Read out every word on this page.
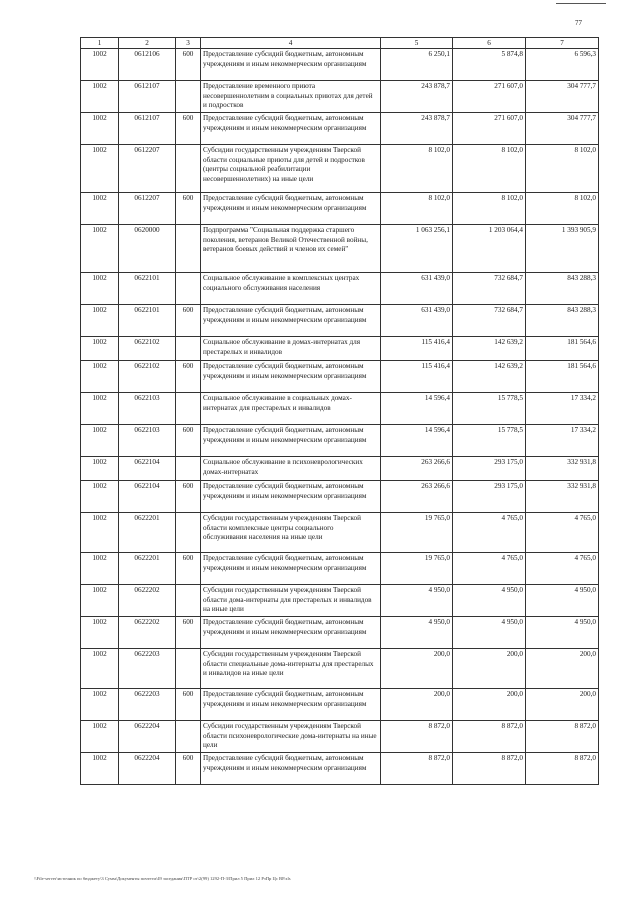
77
1	2	3	4	5	6	7
1002	0612106	600	Предоставление субсидий бюджетным, автономным учреждениям и иным некоммерческим организациям	6 250,1	5 874,8	6 596,3
1002	0612107		Предоставление временного приюта несовершеннолетним в социальных приютах для детей и подростков	243 878,7	271 607,0	304 777,7
1002	0612107	600	Предоставление субсидий бюджетным, автономным учреждениям и иным некоммерческим организациям	243 878,7	271 607,0	304 777,7
1002	0612207		Субсидии государственным учреждениям Тверской области социальные приюты для детей и подростков (центры социальной реабилитации несовершеннолетних) на иные цели	8 102,0	8 102,0	8 102,0
1002	0612207	600	Предоставление субсидий бюджетным, автономным учреждениям и иным некоммерческим организациям	8 102,0	8 102,0	8 102,0
1002	0620000		Подпрограмма "Социальная поддержка старшего поколения, ветеранов Великой Отечественной войны, ветеранов боевых действий и членов их семей"	1 063 256,1	1 203 064,4	1 393 905,9
1002	0622101		Социальное обслуживание в комплексных центрах социального обслуживания населения	631 439,0	732 684,7	843 288,3
1002	0622101	600	Предоставление субсидий бюджетным, автономным учреждениям и иным некоммерческим организациям	631 439,0	732 684,7	843 288,3
1002	0622102		Социальное обслуживание в домах-интернатах для престарелых и инвалидов	115 416,4	142 639,2	181 564,6
1002	0622102	600	Предоставление субсидий бюджетным, автономным учреждениям и иным некоммерческим организациям	115 416,4	142 639,2	181 564,6
1002	0622103		Социальное обслуживание в социальных домах-интернатах для престарелых и инвалидов	14 596,4	15 778,5	17 334,2
1002	0622103	600	Предоставление субсидий бюджетным, автономным учреждениям и иным некоммерческим организациям	14 596,4	15 778,5	17 334,2
1002	0622104		Социальное обслуживание в психоневрологических домах-интернатах	263 266,6	293 175,0	332 931,8
1002	0622104	600	Предоставление субсидий бюджетным, автономным учреждениям и иным некоммерческим организациям	263 266,6	293 175,0	332 931,8
1002	0622201		Субсидии государственным учреждениям Тверской области комплексные центры социального обслуживания населения на иные цели	19 765,0	4 765,0	4 765,0
1002	0622201	600	Предоставление субсидий бюджетным, автономным учреждениям и иным некоммерческим организациям	19 765,0	4 765,0	4 765,0
1002	0622202		Субсидии государственным учреждениям Тверской области дома-интернаты для престарелых и инвалидов на иные цели	4 950,0	4 950,0	4 950,0
1002	0622202	600	Предоставление субсидий бюджетным, автономным учреждениям и иным некоммерческим организациям	4 950,0	4 950,0	4 950,0
1002	0622203		Субсидии государственным учреждениям Тверской области специальные дома-интернаты для престарелых и инвалидов на иные цели	200,0	200,0	200,0
1002	0622203	600	Предоставление субсидий бюджетным, автономным учреждениям и иным некоммерческим организациям	200,0	200,0	200,0
1002	0622204		Субсидии государственным учреждениям Тверской области психоневрологические дома-интернаты на иные цели	8 872,0	8 872,0	8 872,0
1002	0622204	600	Предоставление субсидий бюджетным, автономным учреждениям и иным некоммерческим организациям	8 872,0	8 872,0	8 872,0
\\File-server\источник по бюджету\3 Сумм\Документы почтеги\49 заседания\ПТР от\2(99) 1292-П-3\Прил 5 Прил 12 РзПр Цс ВР.xls
